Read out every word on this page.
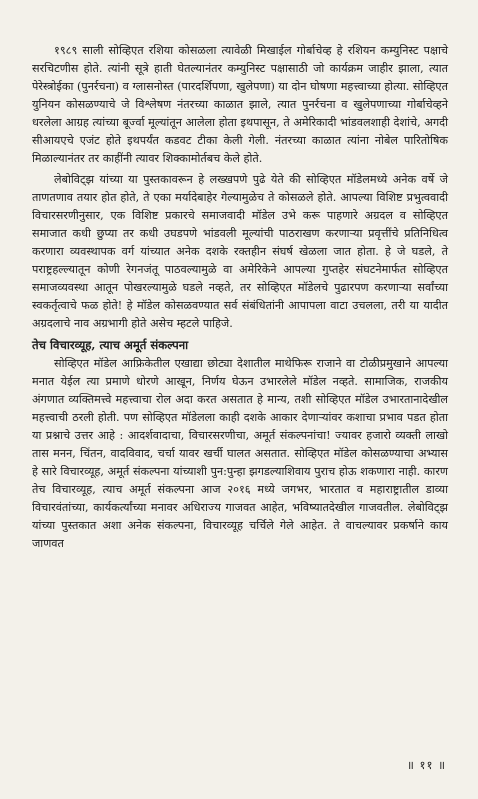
१९८९ साली सोव्हिएत रशिया कोसळला त्यावेळी मिखाईल गोर्बाचेव्ह हे रशियन कम्युनिस्ट पक्षाचे सरचिटणीस होते. त्यांनी सूत्रे हाती घेतल्यानंतर कम्युनिस्ट पक्षासाठी जो कार्यक्रम जाहीर झाला, त्यात पेरेस्त्रोईका (पुनर्रचना) व ग्लासनोस्त (पारदर्शिपणा, खुलेपणा) या दोन घोषणा महत्त्वाच्या होत्या. सोव्हिएत युनियन कोसळण्याचे जे विश्लेषण नंतरच्या काळात झाले, त्यात पुनर्रचना व खुलेपणाच्या गोर्बाचेव्हने धरलेला आग्रह त्यांच्या बूर्ज्वा मूल्यांतून आलेला होता इथपासून, ते अमेरिकादी भांडवलशाही देशांचे, अगदी सीआयएचे एजंट होते इथपर्यंत कडवट टीका केली गेली. नंतरच्या काळात त्यांना नोबेल पारितोषिक मिळाल्यानंतर तर काहींनी त्यावर शिक्कामोर्तबच केले होते.

लेबोविट्झ यांच्या या पुस्तकावरून हे लख्खपणे पुढे येते की सोव्हिएत मॉडेलमध्ये अनेक वर्षे जे ताणतणाव तयार होत होते, ते एका मर्यादेबाहेर गेल्यामुळेच ते कोसळले होते. आपल्या विशिष्ट प्रभुत्ववादी विचारसरणीनुसार, एक विशिष्ट प्रकारचे समाजवादी मॉडेल उभे करू पाहणारे अग्रदल व सोव्हिएत समाजात कधी छुप्या तर कधी उघडपणे भांडवली मूल्यांची पाठराखण करणाऱ्या प्रवृत्तींचे प्रतिनिधित्व करणारा व्यवस्थापक वर्ग यांच्यात अनेक दशके रक्तहीन संघर्ष खेळला जात होता. हे जे घडले, ते पराष्ट्रहल्ल्यातून कोणी रेगनजंतू पाठवल्यामुळे वा अमेरिकेने आपल्या गुप्तहेर संघटनेमार्फत सोव्हिएत समाजव्यवस्था आतून पोखरल्यामुळे घडले नव्हते, तर सोव्हिएत मॉडेलचे पुढारपण करणाऱ्या सर्वांच्या स्वकर्तृत्वाचे फळ होते! हे मॉडेल कोसळवण्यात सर्व संबंधितांनी आपापला वाटा उचलला, तरी या यादीत अग्रदलाचे नाव अग्रभागी होते असेच म्हटले पाहिजे.

तेच विचारव्यूह, त्याच अमूर्त संकल्पना

सोव्हिएत मॉडेल आफ्रिकेतील एखाद्या छोट्या देशातील माथेफिरू राजाने वा टोळीप्रमुखाने आपल्या मनात येईल त्या प्रमाणे धोरणे आखून, निर्णय घेऊन उभारलेले मॉडेल नव्हते. सामाजिक, राजकीय अंगणात व्यक्तिमत्त्वे महत्त्वाचा रोल अदा करत असतात हे मान्य, तशी सोव्हिएत मॉडेल उभारतानादेखील महत्त्वाची ठरली होती. पण सोव्हिएत मॉडेलला काही दशके आकार देणाऱ्यांवर कशाचा प्रभाव पडत होता या प्रश्नाचे उत्तर आहे : आदर्शवादाचा, विचारसरणीचा, अमूर्त संकल्पनांचा! ज्यावर हजारो व्यक्ती लाखो तास मनन, चिंतन, वादविवाद, चर्चा यावर खर्ची घालत असतात. सोव्हिएत मॉडेल कोसळण्याचा अभ्यास हे सारे विचारव्यूह, अमूर्त संकल्पना यांच्याशी पुन:पुन्हा झगडल्याशिवाय पुराच होऊ शकणारा नाही. कारण तेच विचारव्यूह, त्याच अमूर्त संकल्पना आज २०१६ मध्ये जगभर, भारतात व महाराष्ट्रातील डाव्या विचारवंतांच्या, कार्यकर्त्यांच्या मनावर अधिराज्य गाजवत आहेत, भविष्यातदेखील गाजवतील. लेबोविट्झ यांच्या पुस्तकात अशा अनेक संकल्पना, विचारव्यूह चर्चिले गेले आहेत. ते वाचल्यावर प्रकर्षाने काय जाणवत

॥ ११ ॥
